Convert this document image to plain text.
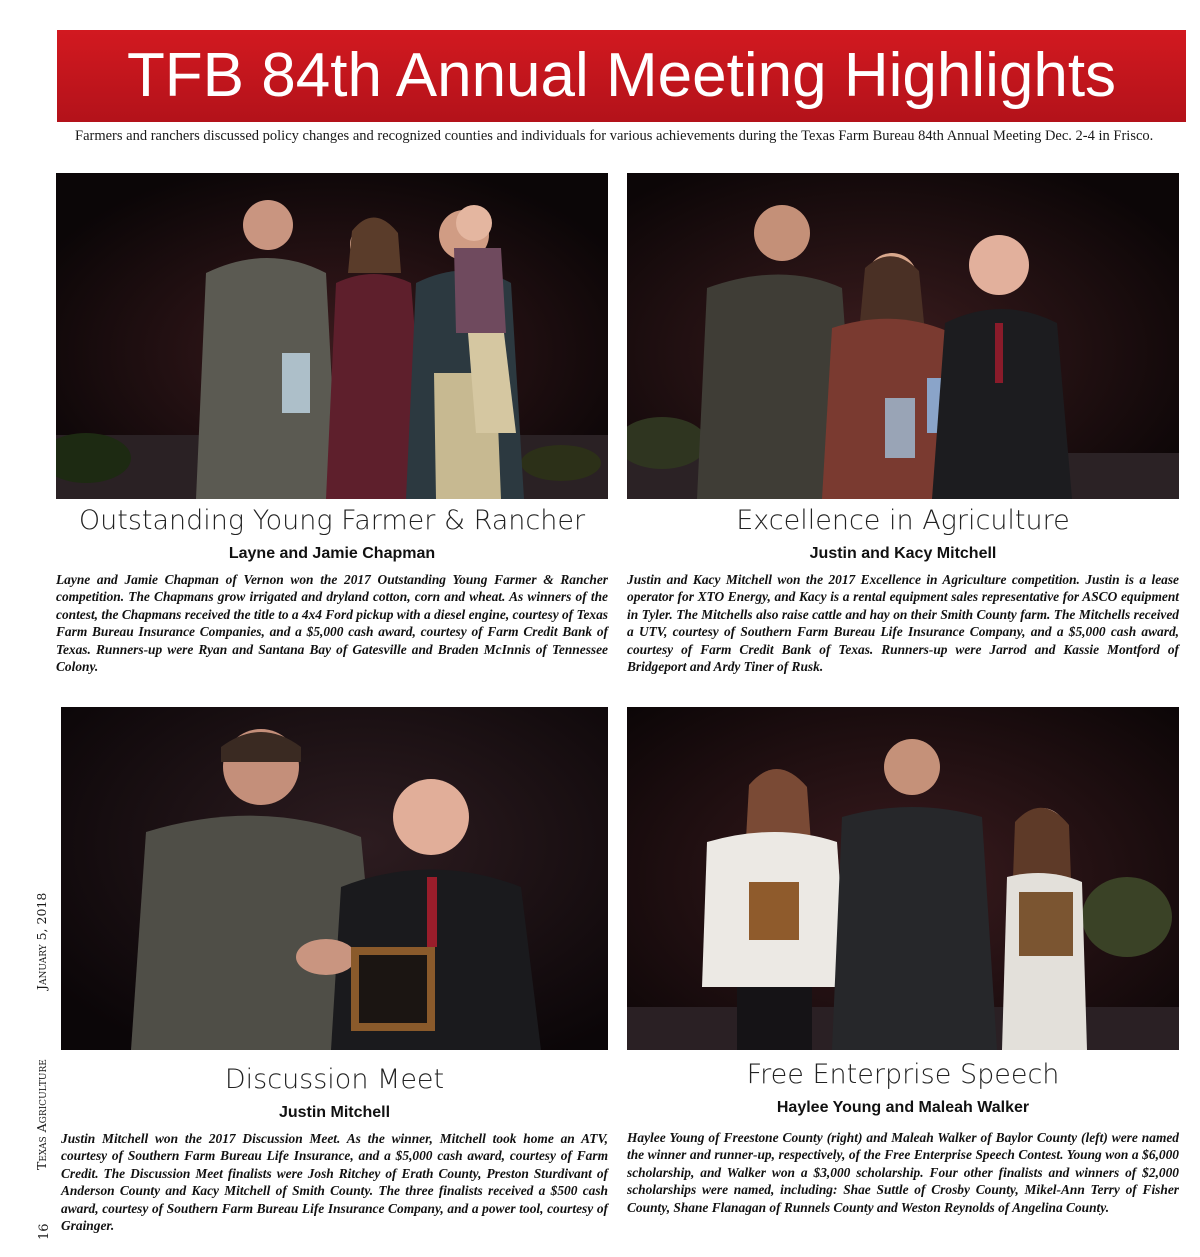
TFB 84th Annual Meeting Highlights
Farmers and ranchers discussed policy changes and recognized counties and individuals for various achievements during the Texas Farm Bureau 84th Annual Meeting Dec. 2-4 in Frisco.
Outstanding Young Farmer & Rancher
Layne and Jamie Chapman
Layne and Jamie Chapman of Vernon won the 2017 Outstanding Young Farmer & Rancher competition. The Chapmans grow irrigated and dryland cotton, corn and wheat. As winners of the contest, the Chapmans received the title to a 4x4 Ford pickup with a diesel engine, courtesy of Texas Farm Bureau Insurance Companies, and a $5,000 cash award, courtesy of Farm Credit Bank of Texas. Runners-up were Ryan and Santana Bay of Gatesville and Braden McInnis of Tennessee Colony.
Excellence in Agriculture
Justin and Kacy Mitchell
Justin and Kacy Mitchell won the 2017 Excellence in Agriculture competition. Justin is a lease operator for XTO Energy, and Kacy is a rental equipment sales representative for ASCO equipment in Tyler. The Mitchells also raise cattle and hay on their Smith County farm. The Mitchells received a UTV, courtesy of Southern Farm Bureau Life Insurance Company, and a $5,000 cash award, courtesy of Farm Credit Bank of Texas. Runners-up were Jarrod and Kassie Montford of Bridgeport and Ardy Tiner of Rusk.
Discussion Meet
Justin Mitchell
Justin Mitchell won the 2017 Discussion Meet. As the winner, Mitchell took home an ATV, courtesy of Southern Farm Bureau Life Insurance, and a $5,000 cash award, courtesy of Farm Credit. The Discussion Meet finalists were Josh Ritchey of Erath County, Preston Sturdivant of Anderson County and Kacy Mitchell of Smith County. The three finalists received a $500 cash award, courtesy of Southern Farm Bureau Life Insurance Company, and a power tool, courtesy of Grainger.
Free Enterprise Speech
Haylee Young and Maleah Walker
Haylee Young of Freestone County (right) and Maleah Walker of Baylor County (left) were named the winner and runner-up, respectively, of the Free Enterprise Speech Contest. Young won a $6,000 scholarship, and Walker won a $3,000 scholarship. Four other finalists and winners of $2,000 scholarships were named, including: Shae Suttle of Crosby County, Mikel-Ann Terry of Fisher County, Shane Flanagan of Runnels County and Weston Reynolds of Angelina County.
January 5, 2018
Texas Agriculture
16
